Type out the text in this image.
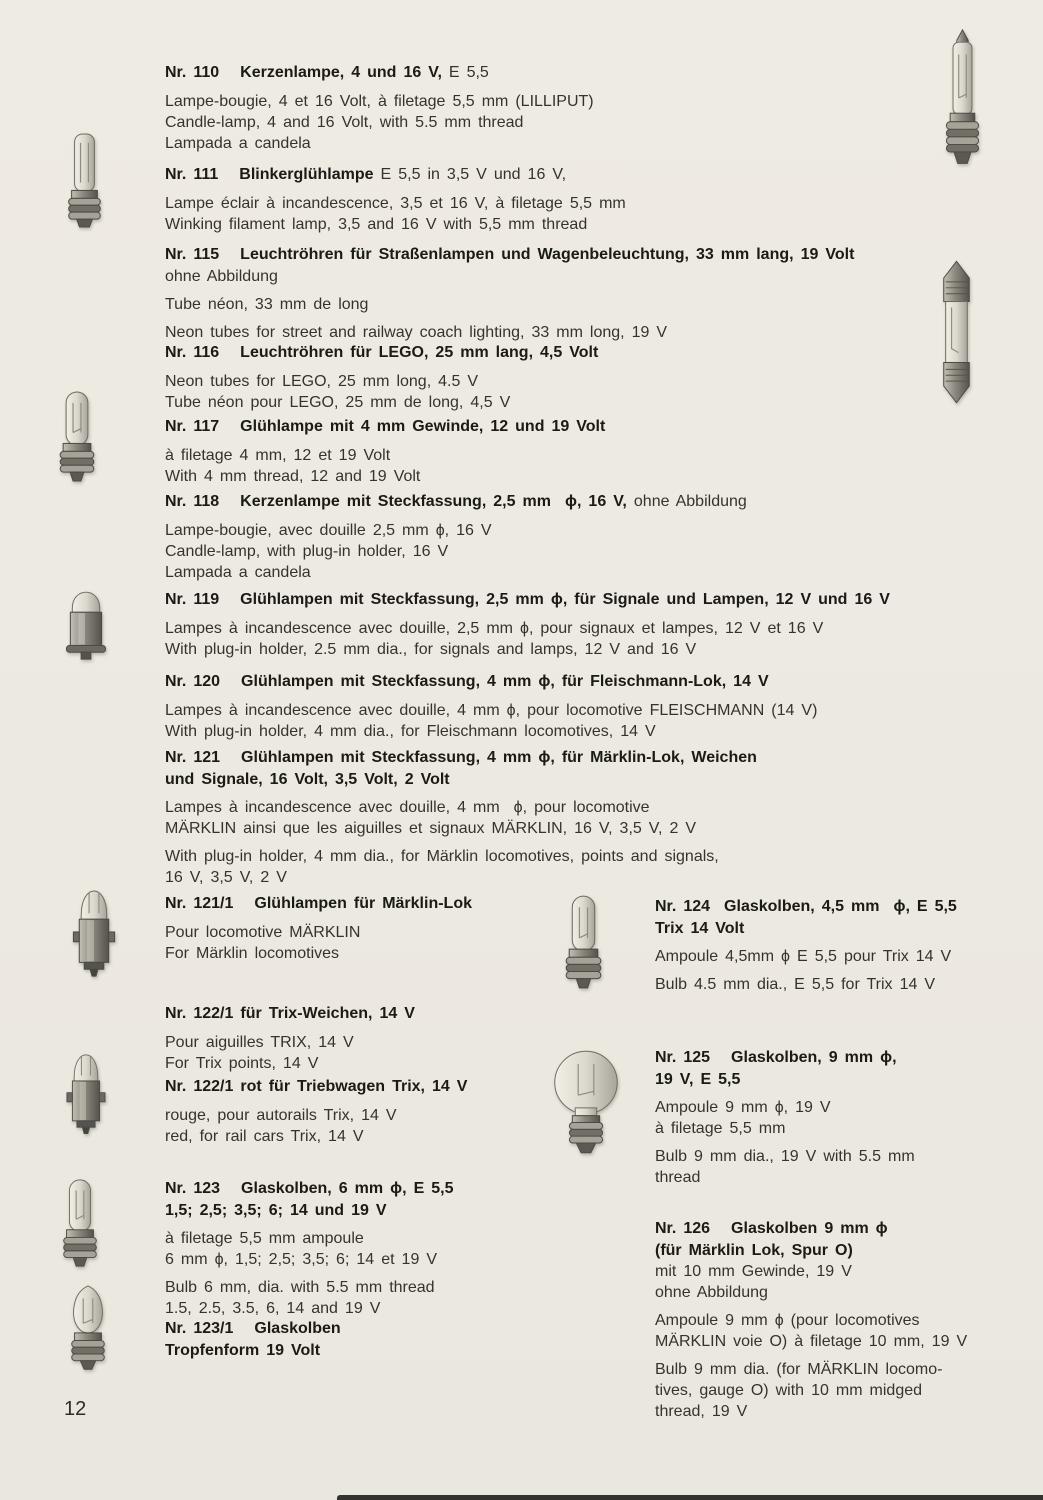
Nr. 110   Kerzenlampe, 4 und 16 V, E 5,5
Lampe-bougie, 4 et 16 Volt, à filetage 5,5 mm (LILLIPUT)
Candle-lamp, 4 and 16 Volt, with 5.5 mm thread
Lampada a candela
Nr. 111   Blinkerglühlampe E 5,5 in 3,5 V und 16 V,
Lampe éclair à incandescence, 3,5 et 16 V, à filetage 5,5 mm
Winking filament lamp, 3,5 and 16 V with 5,5 mm thread
Nr. 115   Leuchtröhren für Straßenlampen und Wagenbeleuchtung, 33 mm lang, 19 Volt
ohne Abbildung
Tube néon, 33 mm de long
Neon tubes for street and railway coach lighting, 33 mm long, 19 V
Nr. 116   Leuchtröhren für LEGO, 25 mm lang, 4,5 Volt
Neon tubes for LEGO, 25 mm long, 4.5 V
Tube néon pour LEGO, 25 mm de long, 4,5 V
Nr. 117   Glühlampe mit 4 mm Gewinde, 12 und 19 Volt
à filetage 4 mm, 12 et 19 Volt
With 4 mm thread, 12 and 19 Volt
Nr. 118   Kerzenlampe mit Steckfassung, 2,5 mm  ϕ, 16 V, ohne Abbildung
Lampe-bougie, avec douille 2,5 mm ϕ, 16 V
Candle-lamp, with plug-in holder, 16 V
Lampada a candela
Nr. 119   Glühlampen mit Steckfassung, 2,5 mm ϕ, für Signale und Lampen, 12 V und 16 V
Lampes à incandescence avec douille, 2,5 mm ϕ, pour signaux et lampes, 12 V et 16 V
With plug-in holder, 2.5 mm dia., for signals and lamps, 12 V and 16 V
Nr. 120   Glühlampen mit Steckfassung, 4 mm ϕ, für Fleischmann-Lok, 14 V
Lampes à incandescence avec douille, 4 mm ϕ, pour locomotive FLEISCHMANN (14 V)
With plug-in holder, 4 mm dia., for Fleischmann locomotives, 14 V
Nr. 121   Glühlampen mit Steckfassung, 4 mm ϕ, für Märklin-Lok, Weichen
und Signale, 16 Volt, 3,5 Volt, 2 Volt
Lampes à incandescence avec douille, 4 mm  ϕ, pour locomotive
MÄRKLIN ainsi que les aiguilles et signaux MÄRKLIN, 16 V, 3,5 V, 2 V
With plug-in holder, 4 mm dia., for Märklin locomotives, points and signals,
16 V, 3,5 V, 2 V
Nr. 121/1   Glühlampen für Märklin-Lok
Pour locomotive MÄRKLIN
For Märklin locomotives
Nr. 122/1 für Trix-Weichen, 14 V
Pour aiguilles TRIX, 14 V
For Trix points, 14 V
Nr. 122/1 rot für Triebwagen Trix, 14 V
rouge, pour autorails Trix, 14 V
red, for rail cars Trix, 14 V
Nr. 123   Glaskolben, 6 mm ϕ, E 5,5
1,5; 2,5; 3,5; 6; 14 und 19 V
à filetage 5,5 mm ampoule
6 mm ϕ, 1,5; 2,5; 3,5; 6; 14 et 19 V
Bulb 6 mm, dia. with 5.5 mm thread
1.5, 2.5, 3.5, 6, 14 and 19 V
Nr. 123/1   Glaskolben
Tropfenform 19 Volt
Nr. 124  Glaskolben, 4,5 mm  ϕ, E 5,5
Trix 14 Volt
Ampoule 4,5mm ϕ E 5,5 pour Trix 14 V
Bulb 4.5 mm dia., E 5,5 for Trix 14 V
Nr. 125   Glaskolben, 9 mm ϕ,
19 V, E 5,5
Ampoule 9 mm ϕ, 19 V
à filetage 5,5 mm
Bulb 9 mm dia., 19 V with 5.5 mm
thread
Nr. 126   Glaskolben 9 mm ϕ
(für Märklin Lok, Spur O)
mit 10 mm Gewinde, 19 V
ohne Abbildung
Ampoule 9 mm ϕ (pour locomotives
MÄRKLIN voie O) à filetage 10 mm, 19 V
Bulb 9 mm dia. (for MÄRKLIN locomo-
tives, gauge O) with 10 mm midged
thread, 19 V
12
